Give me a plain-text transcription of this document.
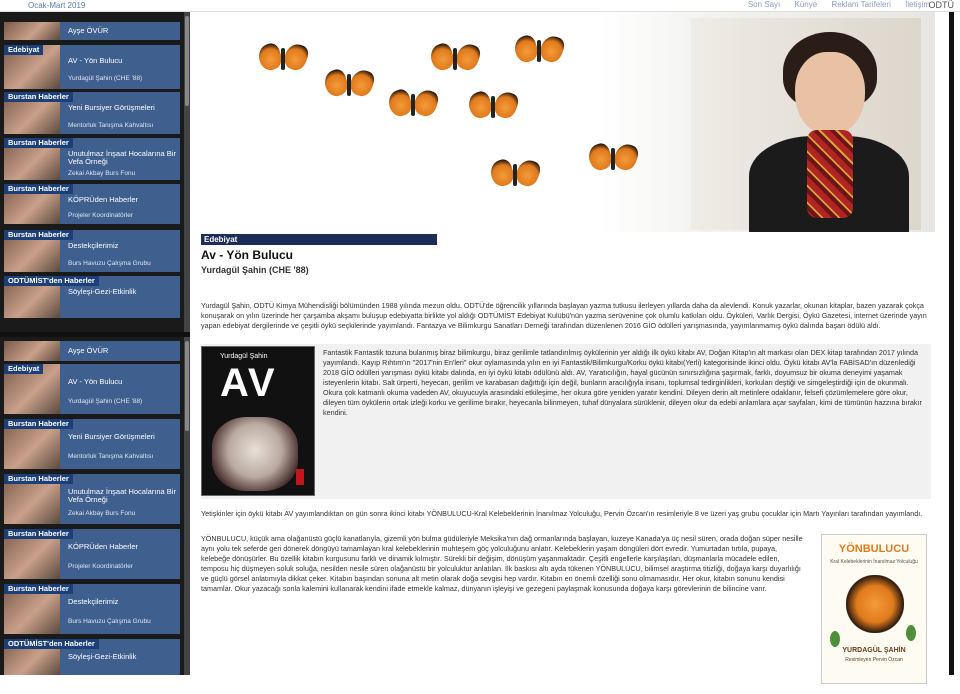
Ocak-Mart 2019	Son Sayı Künye Reklam Tarifeleri İletişim
ODTÜ
Ayşe ÖVÜR
Edebiyat
AV - Yön Bulucu
Yurdagül Şahin (CHE '88)
Burstan Haberler
Yeni Bursiyer Görüşmeleri
Mentorluk Tanışma Kahvaltısı
Burstan Haberler
Unutulmaz İnşaat Hocalarına Bir Vefa Örneği
Zekai Akbay Burs Fonu
Burstan Haberler
KÖPRÜden Haberler
Projeler Koordinatörler
Burstan Haberler
Destekçilerimiz
Burs Havuzu Çalışma Grubu
ODTÜMİST'den Haberler
Söyleşi-Gezi-Etkinlik
Ayşe ÖVÜR
Edebiyat
AV - Yön Bulucu
Yurdagül Şahin (CHE '88)
Burstan Haberler
Yeni Bursiyer Görüşmeleri
Mentorluk Tanışma Kahvaltısı
Burstan Haberler
Unutulmaz İnşaat Hocalarına Bir Vefa Örneği
Zekai Akbay Burs Fonu
Burstan Haberler
KÖPRÜden Haberler
Projeler Koordinatörler
Burstan Haberler
Destekçilerimiz
Burs Havuzu Çalışma Grubu
ODTÜMİST'den Haberler
Söyleşi-Gezi-Etkinlik
Edebiyat
Av - Yön Bulucu
Yurdagül Şahin (CHE '88)

Yurdagül Şahin, ODTÜ Kimya Mühendisliği bölümünden 1988 yılında mezun oldu. ODTÜ'de öğrencilik yıllarında başlayan yazma tutkusu ilerleyen yıllarda daha da alevlendi. Konuk yazarlar, okunan kitaplar, bazen yazarak çokça konuşarak on yılın üzerinde her çarşamba akşamı buluşup edebiyatta birlikte yol aldığı ODTÜMİST Edebiyat Kulübü'nün yazma serüvenine çok olumlu katkıları oldu. Öyküleri, Varlık Dergisi, Öykü Gazetesi, internet üzerinde yayın yapan edebiyat dergilerinde ve çeşitli öykü seçkilerinde yayımlandı. Fantazya ve Bilimkurgu Sanatları Derneği tarafından düzenlenen 2016 GİO ödülleri yarışmasında, yayımlanmamış öykü dalında başarı ödülü aldı.

Yurdagül Şahin
AV

Fantastik Fantastik tozuna bulanmış biraz bilimkurgu, biraz gerilimle tatlandırılmış öykülerinin yer aldığı ilk öykü kitabı AV, Doğan Kitap'ın alt markası olan DEX kitap tarafından 2017 yılında yayımlandı. Kayıp Rıhtım'ın "2017'nin En'leri" okur oylamasında yılın en iyi Fantastik/Bilimkurgu/Korku öykü kitabı(Yerli) kategorisinde ikinci oldu. Öykü kitabı AV'la FABİSAD'ın düzenlediği 2018 GİO ödülleri yarışması öykü kitabı dalında, en iyi öykü kitabı ödülünü aldı. AV, Yaratıcılığın, hayal gücünün sınırsızlığına şaşırmak, farklı, doyumsuz bir okuma deneyimi yaşamak isteyenlerin kitabı. Salt ürperti, heyecan, gerilim ve karabasan dağıttığı için değil, bunların aracılığıyla insanı, toplumsal tedirginlikleri, korkuları deştiği ve simgeleştirdiği için de okunmalı. Okura çok katmanlı okuma vadeden AV, okuyucuyla arasındaki etkileşime, her okura göre yeniden yaratır kendini. Dileyen derin alt metinlere odaklanır, felsefi çözümlemelere göre okur, dileyen tüm öykülerin ortak izleği korku ve gerilime bırakır, heyecanla bilinmeyen, tuhaf dünyalara sürüklenir, dileyen okur da edebi anlamlara açar sayfaları, kimi de tümünün hazzına bırakır kendini.

Yetişkinler için öykü kitabı AV yayımlandıktan on gün sonra ikinci kitabı YÖNBULUCU-Kral Kelebeklerinin İnanılmaz Yolculuğu, Pervin Özcan'ın resimleriyle 8 ve üzeri yaş grubu çocuklar için Martı Yayınları tarafından yayımlandı.

YÖNBULUCU, küçük ama olağanüstü güçlü kanatlarıyla, gizemli yön bulma güdüleriyle Meksika'nın dağ ormanlarında başlayan, kuzeye Kanada'ya üç nesil süren, orada doğan süper nesille aynı yolu tek seferde geri dönerek döngüyü tamamlayan kral kelebeklerinin muhteşem göç yolculuğunu anlatır. Kelebeklerin yaşam döngüleri dört evredir. Yumurtadan tırtıla, pupaya, kelebeğe dönüşürler. Bu özellik kitabın kurgusunu farklı ve dinamik kılmıştır. Sürekli bir değişim, dönüşüm yaşanmaktadır. Çeşitli engellerle karşılaşılan, düşmanlarla mücadele edilen, temposu hiç düşmeyen soluk soluğa, nesilden nesile süren olağanüstü bir yolculuktur anlatılan. İlk baskısı altı ayda tükenen YÖNBULUCU, bilimsel araştırma titizliği, doğaya karşı duyarlılığı ve güçlü görsel anlatımıyla dikkat çeker. Kitabın başından sonuna alt metin olarak doğa sevgisi hep vardır. Kitabın en önemli özelliği sonu olmamasıdır. Her okur, kitabın sonunu kendisi tamamlar. Okur yazacağı sonla kalemini kullanarak kendini ifade etmekle kalmaz, dünyanın işleyişi ve gezegeni paylaşmak konusunda doğaya karşı görevlerinin de bilincine varır.

YÖNBULUCU
Kral Kelebeklerinin İnanılmaz Yolculuğu
YURDAGÜL ŞAHİN
Resimleyen Pervin Özcan
